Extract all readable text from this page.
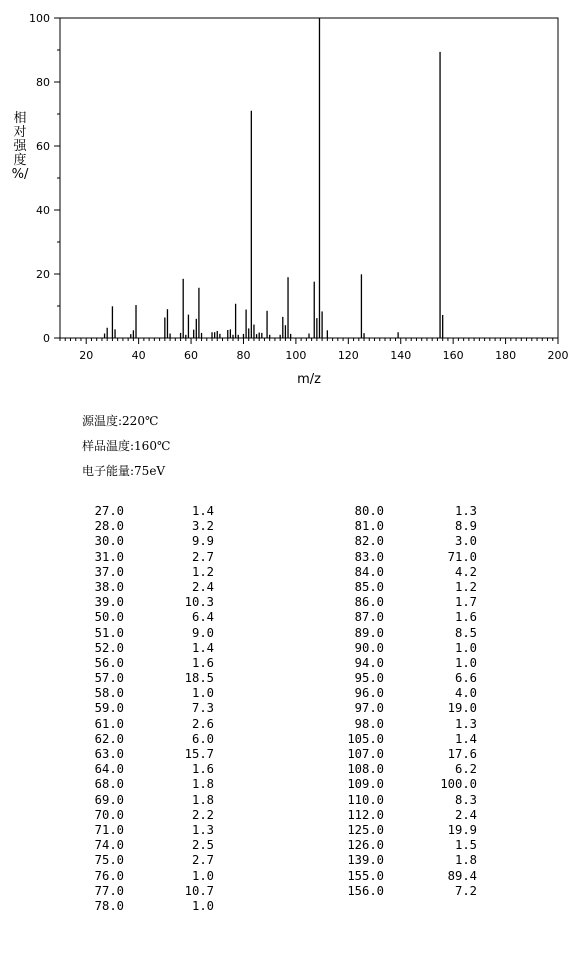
20	40	60	80	100	120	140	160	180	200
0
20
40
60
80
100
m/z
相
对
强
度
%/
源温度:220℃
样品温度:160℃
电子能量:75eV
27.0	1.4
28.0	3.2
30.0	9.9
31.0	2.7
37.0	1.2
38.0	2.4
39.0	10.3
50.0	6.4
51.0	9.0
52.0	1.4
56.0	1.6
57.0	18.5
58.0	1.0
59.0	7.3
61.0	2.6
62.0	6.0
63.0	15.7
64.0	1.6
68.0	1.8
69.0	1.8
70.0	2.2
71.0	1.3
74.0	2.5
75.0	2.7
76.0	1.0
77.0	10.7
78.0	1.0
80.0	1.3
81.0	8.9
82.0	3.0
83.0	71.0
84.0	4.2
85.0	1.2
86.0	1.7
87.0	1.6
89.0	8.5
90.0	1.0
94.0	1.0
95.0	6.6
96.0	4.0
97.0	19.0
98.0	1.3
105.0	1.4
107.0	17.6
108.0	6.2
109.0	100.0
110.0	8.3
112.0	2.4
125.0	19.9
126.0	1.5
139.0	1.8
155.0	89.4
156.0	7.2
